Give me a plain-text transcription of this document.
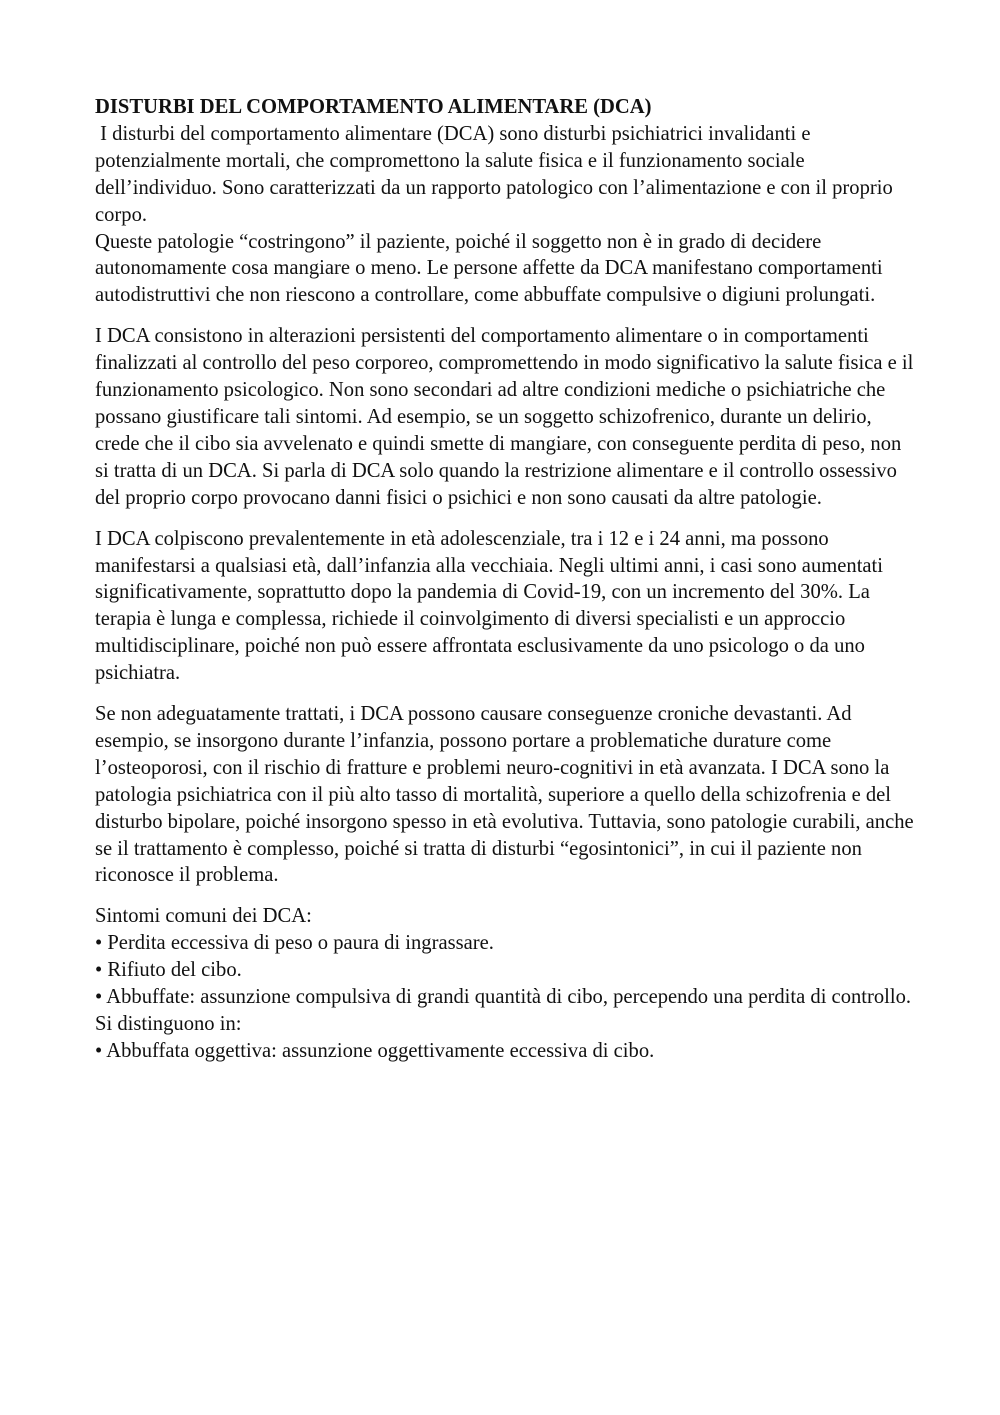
DISTURBI DEL COMPORTAMENTO ALIMENTARE (DCA)

I disturbi del comportamento alimentare (DCA) sono disturbi psichiatrici invalidanti e potenzialmente mortali, che compromettono la salute fisica e il funzionamento sociale dell’individuo. Sono caratterizzati da un rapporto patologico con l’alimentazione e con il proprio corpo.

Queste patologie “costringono” il paziente, poiché il soggetto non è in grado di decidere autonomamente cosa mangiare o meno. Le persone affette da DCA manifestano comportamenti autodistruttivi che non riescono a controllare, come abbuffate compulsive o digiuni prolungati.

I DCA consistono in alterazioni persistenti del comportamento alimentare o in comportamenti finalizzati al controllo del peso corporeo, compromettendo in modo significativo la salute fisica e il funzionamento psicologico. Non sono secondari ad altre condizioni mediche o psichiatriche che possano giustificare tali sintomi. Ad esempio, se un soggetto schizofrenico, durante un delirio, crede che il cibo sia avvelenato e quindi smette di mangiare, con conseguente perdita di peso, non si tratta di un DCA. Si parla di DCA solo quando la restrizione alimentare e il controllo ossessivo del proprio corpo provocano danni fisici o psichici e non sono causati da altre patologie.

I DCA colpiscono prevalentemente in età adolescenziale, tra i 12 e i 24 anni, ma possono manifestarsi a qualsiasi età, dall’infanzia alla vecchiaia. Negli ultimi anni, i casi sono aumentati significativamente, soprattutto dopo la pandemia di Covid-19, con un incremento del 30%. La terapia è lunga e complessa, richiede il coinvolgimento di diversi specialisti e un approccio multidisciplinare, poiché non può essere affrontata esclusivamente da uno psicologo o da uno psichiatra.

Se non adeguatamente trattati, i DCA possono causare conseguenze croniche devastanti. Ad esempio, se insorgono durante l’infanzia, possono portare a problematiche durature come l’osteoporosi, con il rischio di fratture e problemi neuro-cognitivi in età avanzata. I DCA sono la patologia psichiatrica con il più alto tasso di mortalità, superiore a quello della schizofrenia e del disturbo bipolare, poiché insorgono spesso in età evolutiva. Tuttavia, sono patologie curabili, anche se il trattamento è complesso, poiché si tratta di disturbi “egosintonici”, in cui il paziente non riconosce il problema.

Sintomi comuni dei DCA:

• Perdita eccessiva di peso o paura di ingrassare.

• Rifiuto del cibo.

• Abbuffate: assunzione compulsiva di grandi quantità di cibo, percependo una perdita di controllo. Si distinguono in:

• Abbuffata oggettiva: assunzione oggettivamente eccessiva di cibo.
